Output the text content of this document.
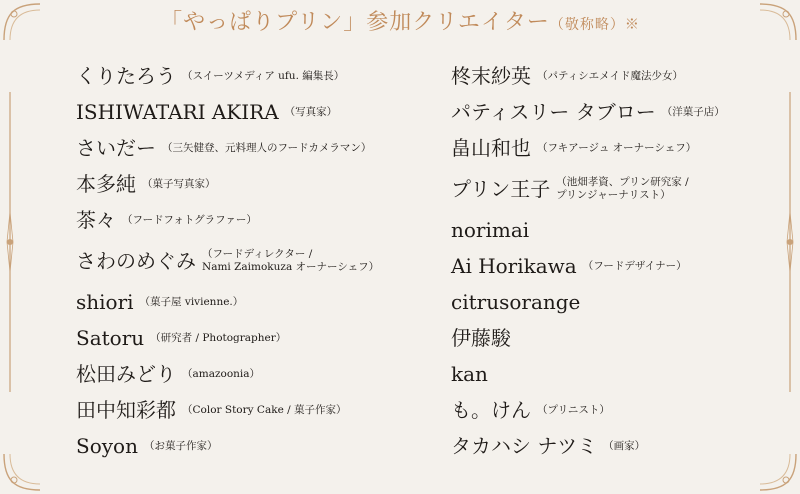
「やっぱりプリン」参加クリエイター（敬称略）※
くりたろう （スイーツメディア ufu. 編集長）
ISHIWATARI AKIRA （写真家）
さいだー （三矢健登、元料理人のフードカメラマン）
本多純 （菓子写真家）
茶々 （フードフォトグラファー）
さわのめぐみ （フードディレクター /
Nami Zaimokuza オーナーシェフ）
shiori （菓子屋 vivienne.）
Satoru （研究者 / Photographer）
松田みどり （amazoonia）
田中知彩都 （Color Story Cake / 菓子作家）
Soyon （お菓子作家）
柊末紗英 （パティシエメイド魔法少女）
パティスリー タブロー （洋菓子店）
畠山和也 （フキアージュ オーナーシェフ）
プリン王子 （池畑孝資、プリン研究家 /
プリンジャーナリスト）
norimai
Ai Horikawa （フードデザイナー）
citrusorange
伊藤駿
kan
も。けん （プリニスト）
タカハシ ナツミ （画家）
